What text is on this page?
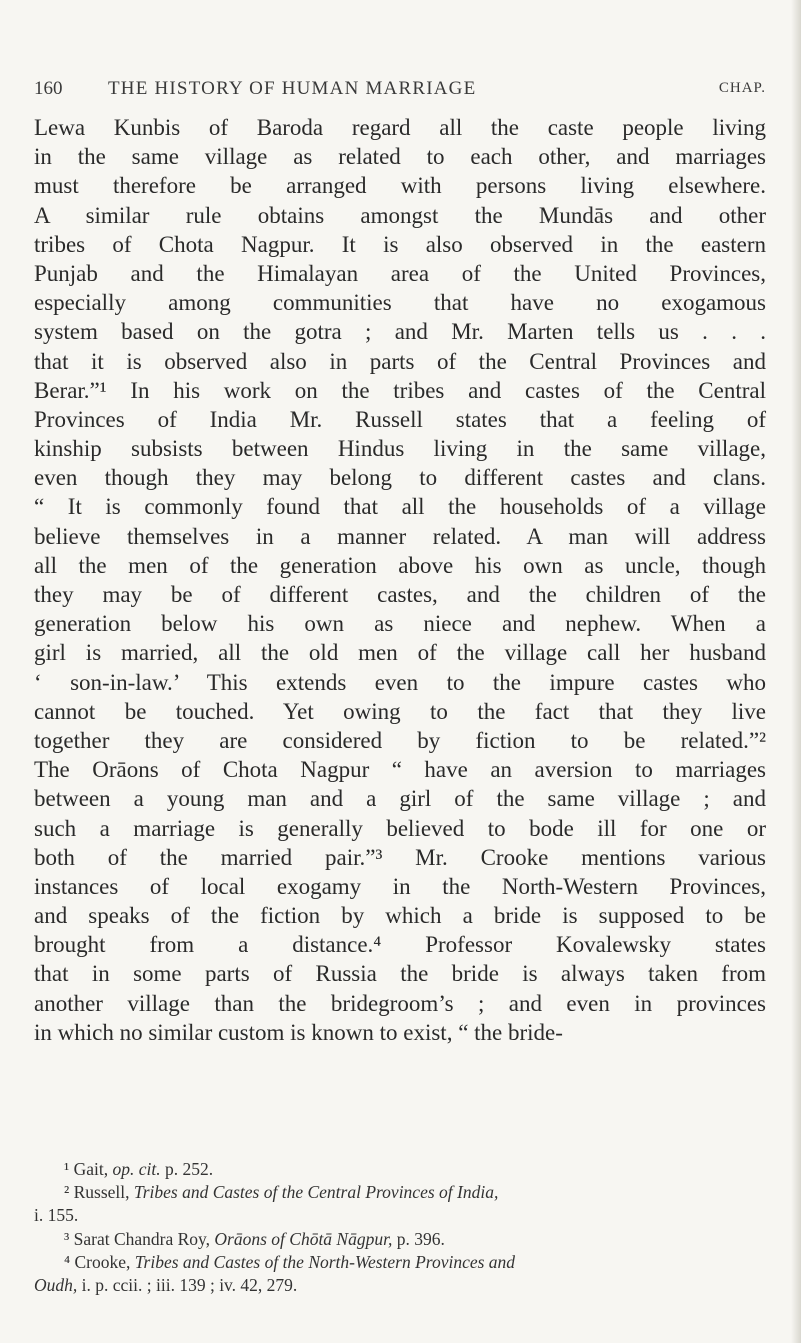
160 THE HISTORY OF HUMAN MARRIAGE	CHAP.
Lewa Kunbis of Baroda regard all the caste people living
in the same village as related to each other, and marriages
must therefore be arranged with persons living elsewhere.
A similar rule obtains amongst the Mundās and other
tribes of Chota Nagpur. It is also observed in the eastern
Punjab and the Himalayan area of the United Provinces,
especially among communities that have no exogamous
system based on the gotra ; and Mr. Marten tells us . . .
that it is observed also in parts of the Central Provinces and
Berar.”¹ In his work on the tribes and castes of the Central
Provinces of India Mr. Russell states that a feeling of
kinship subsists between Hindus living in the same village,
even though they may belong to different castes and clans.
“ It is commonly found that all the households of a village
believe themselves in a manner related. A man will address
all the men of the generation above his own as uncle, though
they may be of different castes, and the children of the
generation below his own as niece and nephew. When a
girl is married, all the old men of the village call her husband
‘ son-in-law.’ This extends even to the impure castes who
cannot be touched. Yet owing to the fact that they live
together they are considered by fiction to be related.”²
The Orāons of Chota Nagpur “ have an aversion to marriages
between a young man and a girl of the same village ; and
such a marriage is generally believed to bode ill for one or
both of the married pair.”³ Mr. Crooke mentions various
instances of local exogamy in the North-Western Provinces,
and speaks of the fiction by which a bride is supposed to be
brought from a distance.⁴ Professor Kovalewsky states
that in some parts of Russia the bride is always taken from
another village than the bridegroom’s ; and even in provinces
in which no similar custom is known to exist, “ the bride-
¹ Gait, op. cit. p. 252.
² Russell, Tribes and Castes of the Central Provinces of India,
i. 155.
³ Sarat Chandra Roy, Orāons of Chōtā Nāgpur, p. 396.
⁴ Crooke, Tribes and Castes of the North-Western Provinces and
Oudh, i. p. ccii. ; iii. 139 ; iv. 42, 279.
